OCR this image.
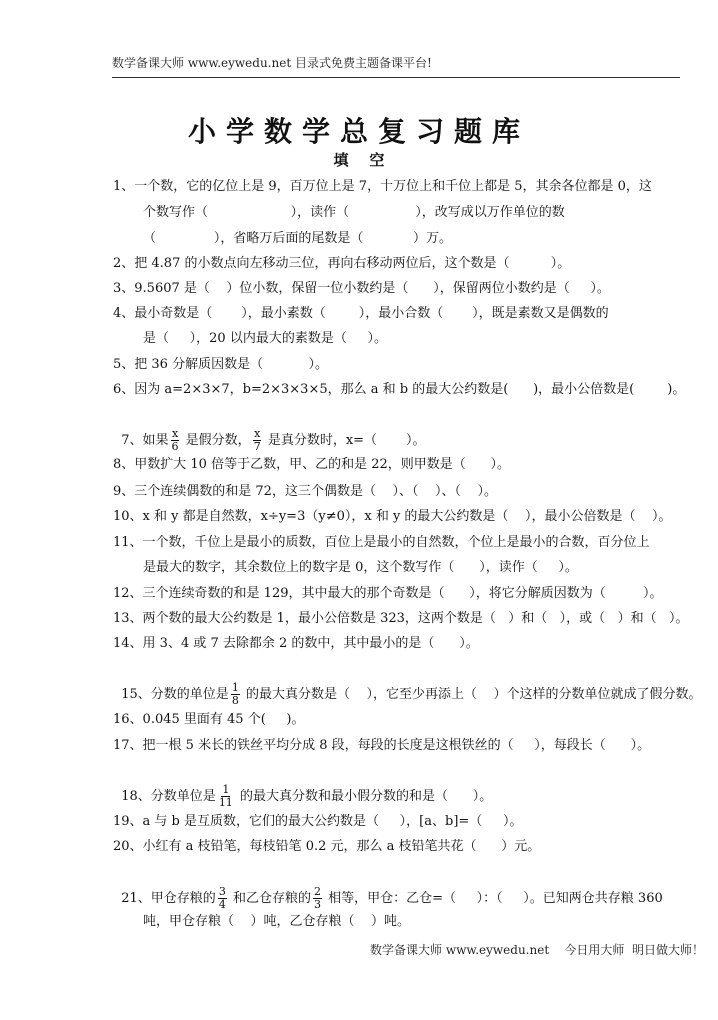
数学备课大师 www.eywedu.net 目录式免费主题备课平台!
小学数学总复习题库
填    空
1、一个数，它的亿位上是 9，百万位上是 7，十万位上和千位上都是 5，其余各位都是 0，这
个数写作（                    ），读作（                ），改写成以万作单位的数
（              ），省略万后面的尾数是（            ）万。
2、把 4.87 的小数点向左移动三位，再向右移动两位后，这个数是（          ）。
3、9.5607 是（    ）位小数，保留一位小数约是（      ），保留两位小数约是（     ）。
4、最小奇数是（       ），最小素数（        ），最小合数（       ），既是素数又是偶数的
是（     ），20 以内最大的素数是（     ）。
5、把 36 分解质因数是（           ）。
6、因为 a=2×3×7，b=2×3×3×5，那么 a 和 b 的最大公约数是(      )，最小公倍数是(        )。

7、如果 $\frac{x}{6}$ 是假分数， $\frac{x}{7}$ 是真分数时，x=（       ）。

8、甲数扩大 10 倍等于乙数，甲、乙的和是 22，则甲数是（      ）。
9、三个连续偶数的和是 72，这三个偶数是（    ）、（    ）、（    ）。
10、x 和 y 都是自然数，x÷y=3（y≠0），x 和 y 的最大公约数是（    ），最小公倍数是（    ）。
11、一个数，千位上是最小的质数，百位上是最小的自然数，个位上是最小的合数，百分位上
是最大的数字，其余数位上的数字是 0，这个数写作（      ），读作（     ）。
12、三个连续奇数的和是 129，其中最大的那个奇数是（      ），将它分解质因数为（         ）。
13、两个数的最大公约数是 1，最小公倍数是 323，这两个数是（   ）和（   ），或（   ）和（   ）。
14、用 3、4 或 7 去除都余 2 的数中，其中最小的是（      ）。

15、分数的单位是 $\frac{1}{8}$ 的最大真分数是（    ），它至少再添上（    ）个这样的分数单位就成了假分数。

16、0.045 里面有 45 个(     )。
17、把一根 5 米长的铁丝平均分成 8 段，每段的长度是这根铁丝的（     ），每段长（      ）。

18、分数单位是 $\frac{1}{11}$ 的最大真分数和最小假分数的和是（      ）。

19、a 与 b 是互质数，它们的最大公约数是（     ），[a、b]=（     ）。
20、小红有 a 枝铅笔，每枝铅笔 0.2 元，那么 a 枝铅笔共花（      ）元。

21、甲仓存粮的 $\frac{3}{4}$ 和乙仓存粮的 $\frac{2}{3}$ 相等，甲仓：乙仓=（     ）：（     ）。已知两仓共存粮 360

吨，甲仓存粮（    ）吨，乙仓存粮（    ）吨。
数学备课大师 www.eywedu.net    今日用大师  明日做大师！
